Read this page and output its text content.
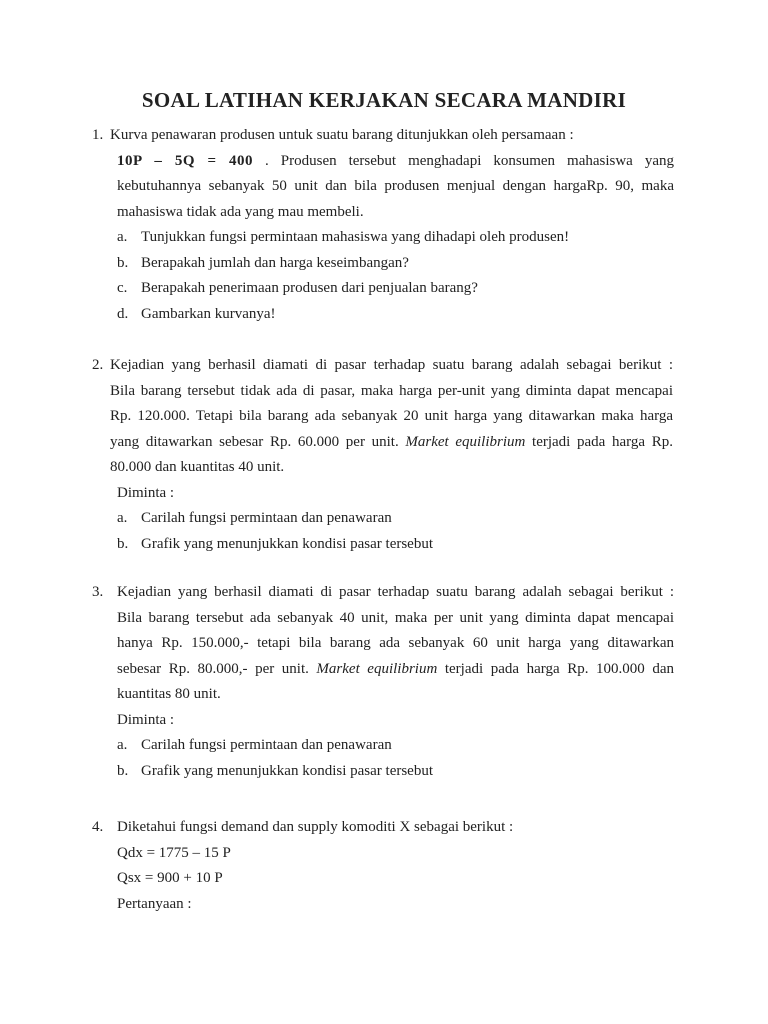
SOAL LATIHAN KERJAKAN SECARA MANDIRI
1. Kurva penawaran produsen untuk suatu barang ditunjukkan oleh persamaan :
10P – 5Q = 400 . Produsen tersebut menghadapi konsumen mahasiswa yang
kebutuhannya sebanyak 50 unit dan bila produsen menjual dengan hargaRp. 90, maka
mahasiswa tidak ada yang mau membeli.
a. Tunjukkan fungsi permintaan mahasiswa yang dihadapi oleh produsen!
b. Berapakah jumlah dan harga keseimbangan?
c. Berapakah penerimaan produsen dari penjualan barang?
d. Gambarkan kurvanya!
2. Kejadian yang berhasil diamati di pasar terhadap suatu barang adalah sebagai berikut :
Bila barang tersebut tidak ada di pasar, maka harga per-unit yang diminta dapat mencapai
Rp. 120.000. Tetapi bila barang ada sebanyak 20 unit harga yang ditawarkan maka harga
yang ditawarkan sebesar Rp. 60.000 per unit. Market equilibrium terjadi pada harga Rp.
80.000 dan kuantitas 40 unit.
Diminta :
a. Carilah fungsi permintaan dan penawaran
b. Grafik yang menunjukkan kondisi pasar tersebut
3. Kejadian yang berhasil diamati di pasar terhadap suatu barang adalah sebagai berikut :
Bila barang tersebut ada sebanyak 40 unit, maka per unit yang diminta dapat mencapai
hanya Rp. 150.000,- tetapi bila barang ada sebanyak 60 unit harga yang ditawarkan
sebesar Rp. 80.000,- per unit. Market equilibrium terjadi pada harga Rp. 100.000 dan
kuantitas 80 unit.
Diminta :
a. Carilah fungsi permintaan dan penawaran
b. Grafik yang menunjukkan kondisi pasar tersebut
4. Diketahui fungsi demand dan supply komoditi X sebagai berikut :
Qdx = 1775 – 15 P
Qsx = 900 + 10 P
Pertanyaan :
